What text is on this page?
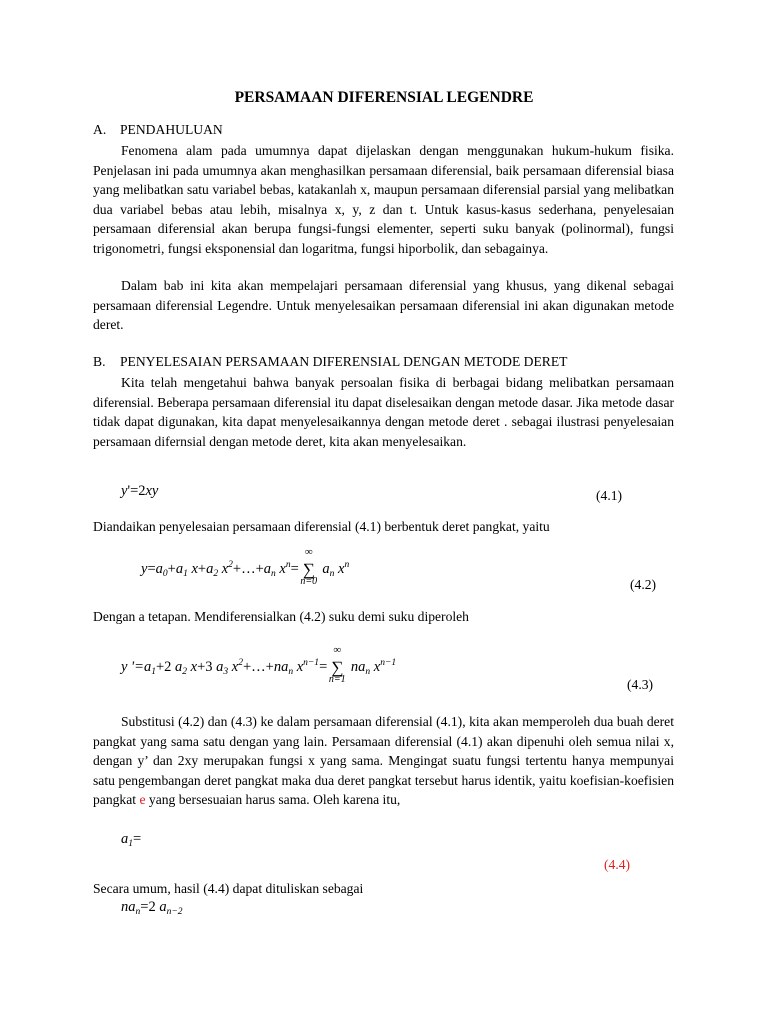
PERSAMAAN DIFERENSIAL LEGENDRE
A. PENDAHULUAN

Fenomena alam pada umumnya dapat dijelaskan dengan menggunakan hukum-hukum fisika. Penjelasan ini pada umumnya akan menghasilkan persamaan diferensial, baik persamaan diferensial biasa yang melibatkan satu variabel bebas, katakanlah x, maupun persamaan diferensial parsial yang melibatkan dua variabel bebas atau lebih, misalnya x, y, z dan t. Untuk kasus-kasus sederhana, penyelesaian persamaan diferensial akan berupa fungsi-fungsi elementer, seperti suku banyak (polinormal), fungsi trigonometri, fungsi eksponensial dan logaritma, fungsi hiporbolik, dan sebagainya.

Dalam bab ini kita akan mempelajari persamaan diferensial yang khusus, yang dikenal sebagai persamaan diferensial Legendre. Untuk menyelesaikan persamaan diferensial ini akan digunakan metode deret.

B. PENYELESAIAN PERSAMAAN DIFERENSIAL DENGAN METODE DERET

Kita telah mengetahui bahwa banyak persoalan fisika di berbagai bidang melibatkan persamaan diferensial. Beberapa persamaan diferensial itu dapat diselesaikan dengan metode dasar. Jika metode dasar tidak dapat digunakan, kita dapat menyelesaikannya dengan metode deret . sebagai ilustrasi penyelesaian persamaan difernsial dengan metode deret, kita akan menyelesaikan.

y'=2xy	(4.1)
Diandaikan penyelesaian persamaan diferensial (4.1) berbentuk deret pangkat, yaitu
$y=a_0+a_1$ $x+a_2$ $x^2+\dots+a_n$ $x^n=$
∞
∑
n=0
$a_n$ $x^n$
(4.2)
Dengan a tetapan. Mendiferensialkan (4.2) suku demi suku diperoleh
y '$=a_1+2$ $a_2$ x+3 $a_3$ $x^2+\dots+na_n$ $x^{n-1}=$
∞
∑
n=1
$na_n$ $x^{n-1}$
(4.3)

Substitusi (4.2) dan (4.3) ke dalam persamaan diferensial (4.1), kita akan memperoleh dua buah deret pangkat yang sama satu dengan yang lain. Persamaan diferensial (4.1) akan dipenuhi oleh semua nilai x, dengan y’ dan 2xy merupakan fungsi x yang sama. Mengingat suatu fungsi tertentu hanya mempunyai satu pengembangan deret pangkat maka dua deret pangkat tersebut harus identik, yaitu koefisian-koefisien pangkat e yang bersesuaian harus sama. Oleh karena itu,

$a_1=$
(4.4)
Secara umum, hasil (4.4) dapat dituliskan sebagai
$na_n=2$ $a_{n-2}$
